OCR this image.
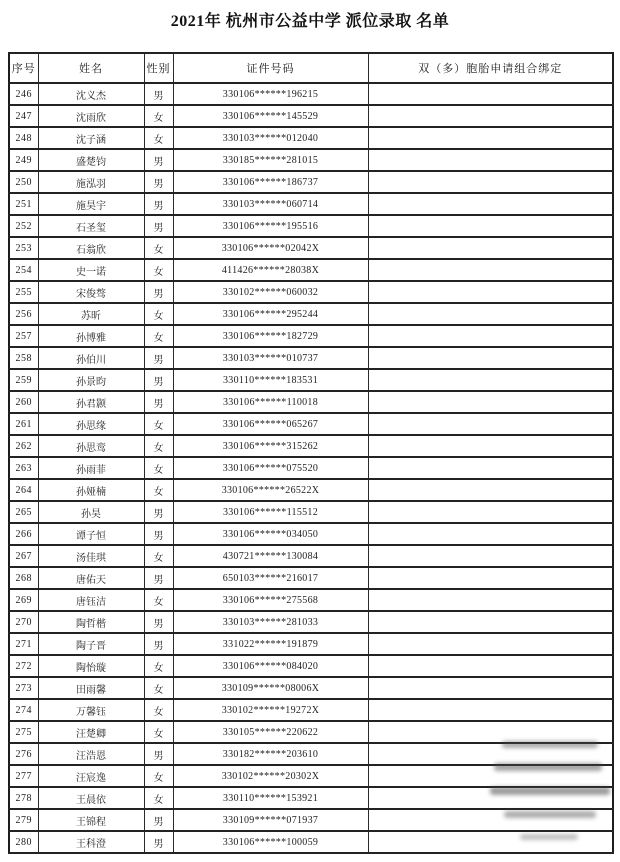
2021年 杭州市公益中学 派位录取 名单
序号	姓名	性别	证件号码	双（多）胞胎申请组合绑定
246	沈义杰	男	330106******196215	
247	沈雨欣	女	330106******145529	
248	沈子涵	女	330103******012040	
249	盛楚钧	男	330185******281015	
250	施泓羽	男	330106******186737	
251	施昊宇	男	330103******060714	
252	石圣玺	男	330106******195516	
253	石翁欣	女	330106******02042X	
254	史一诺	女	411426******28038X	
255	宋俊骜	男	330102******060032	
256	苏昕	女	330106******295244	
257	孙博雅	女	330106******182729	
258	孙伯川	男	330103******010737	
259	孙景昀	男	330110******183531	
260	孙君颢	男	330106******110018	
261	孙思缘	女	330106******065267	
262	孙思鸾	女	330106******315262	
263	孙雨菲	女	330106******075520	
264	孙娅楠	女	330106******26522X	
265	孙昊	男	330106******115512	
266	谭子恒	男	330106******034050	
267	汤佳琪	女	430721******130084	
268	唐佑天	男	650103******216017	
269	唐钰洁	女	330106******275568	
270	陶哲楷	男	330103******281033	
271	陶子晋	男	331022******191879	
272	陶怡璇	女	330106******084020	
273	田雨馨	女	330109******08006X	
274	万馨钰	女	330102******19272X	
275	汪楚卿	女	330105******220622	
276	汪浩恩	男	330182******203610	
277	汪宸逸	女	330102******20302X	
278	王晨依	女	330110******153921	
279	王锦程	男	330109******071937	
280	王科澄	男	330106******100059	
